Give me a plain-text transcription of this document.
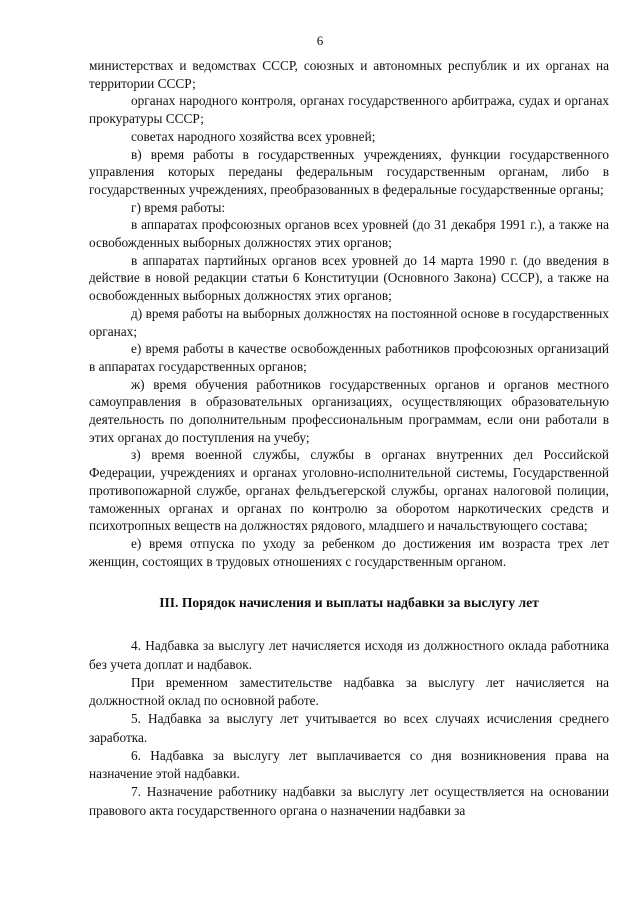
6

министерствах и ведомствах СССР, союзных и автономных республик и их органах на территории СССР;

органах народного контроля, органах государственного арбитража, судах и органах прокуратуры СССР;

советах народного хозяйства всех уровней;

в) время работы в государственных учреждениях, функции государственного управления которых переданы федеральным государственным органам, либо в государственных учреждениях, преобразованных в федеральные государственные органы;

г) время работы:

в аппаратах профсоюзных органов всех уровней (до 31 декабря 1991 г.), а также на освобожденных выборных должностях этих органов;

в аппаратах партийных органов всех уровней до 14 марта 1990 г. (до введения в действие в новой редакции статьи 6 Конституции (Основного Закона) СССР), а также на освобожденных выборных должностях этих органов;

д) время работы на выборных должностях на постоянной основе в государственных органах;

е) время работы в качестве освобожденных работников профсоюзных организаций в аппаратах государственных органов;

ж) время обучения работников государственных органов и органов местного самоуправления в образовательных организациях, осуществляющих образовательную деятельность по дополнительным профессиональным программам, если они работали в этих органах до поступления на учебу;

з) время военной службы, службы в органах внутренних дел Российской Федерации, учреждениях и органах уголовно-исполнительной системы, Государственной противопожарной службе, органах фельдъегерской службы, органах налоговой полиции, таможенных органах и органах по контролю за оборотом наркотических средств и психотропных веществ на должностях рядового, младшего и начальствующего состава;

е) время отпуска по уходу за ребенком до достижения им возраста трех лет женщин, состоящих в трудовых отношениях с государственным органом.

III. Порядок начисления и выплаты надбавки за выслугу лет

4. Надбавка за выслугу лет начисляется исходя из должностного оклада работника без учета доплат и надбавок.

При временном заместительстве надбавка за выслугу лет начисляется на должностной оклад по основной работе.

5. Надбавка за выслугу лет учитывается во всех случаях исчисления среднего заработка.

6. Надбавка за выслугу лет выплачивается со дня возникновения права на назначение этой надбавки.

7. Назначение работнику надбавки за выслугу лет осуществляется на основании правового акта государственного органа о назначении надбавки за
